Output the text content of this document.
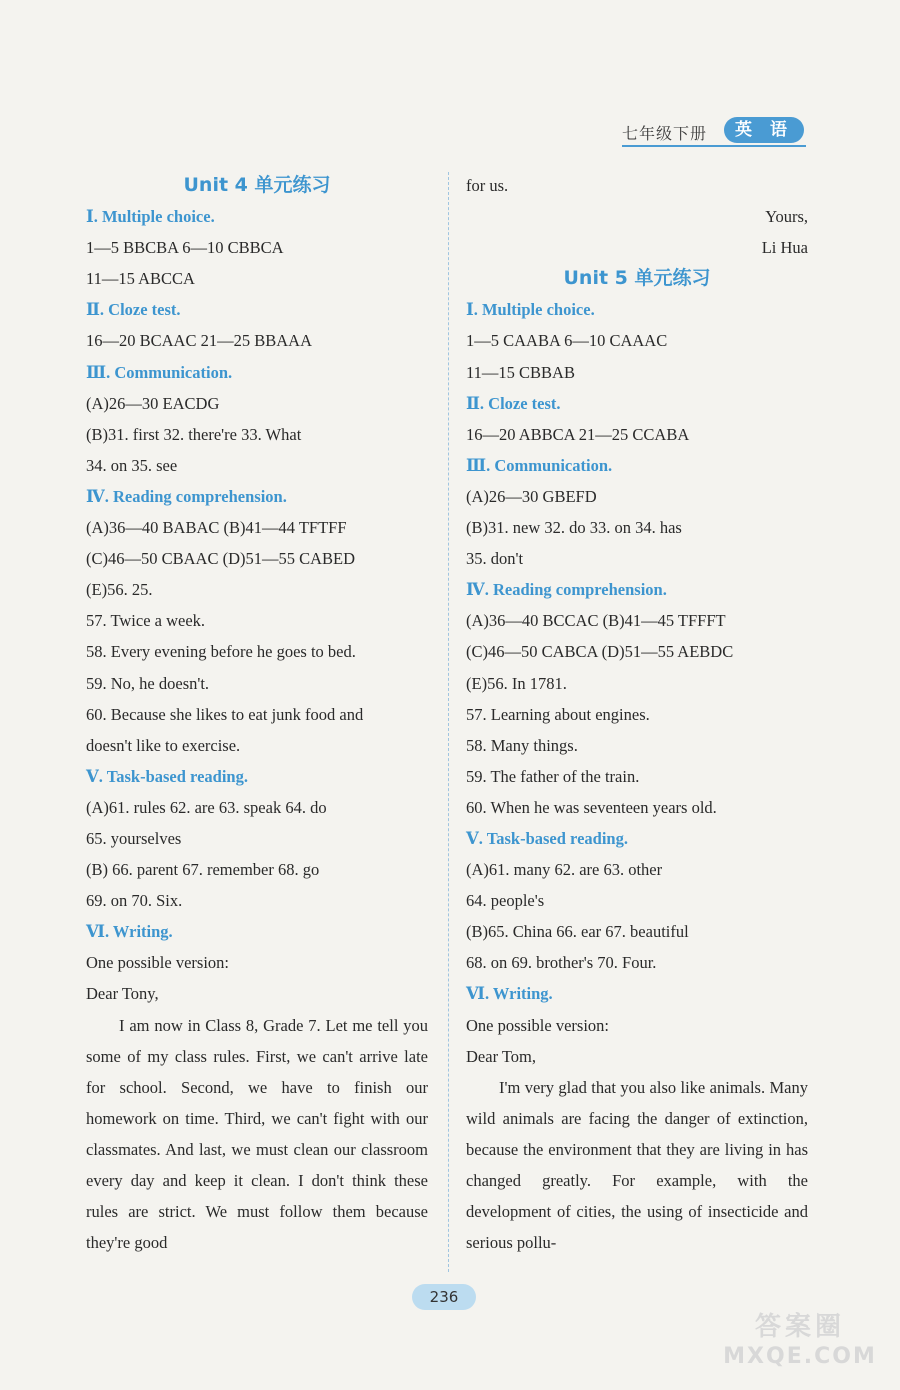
七年级下册	英 语
Unit 4 单元练习
Ⅰ. Multiple choice.
1—5 BBCBA 6—10 CBBCA
11—15 ABCCA
Ⅱ. Cloze test.
16—20 BCAAC 21—25 BBAAA
Ⅲ. Communication.
(A)26—30 EACDG
(B)31. first 32. there're 33. What
34. on 35. see
Ⅳ. Reading comprehension.
(A)36—40 BABAC (B)41—44 TFTFF
(C)46—50 CBAAC (D)51—55 CABED
(E)56. 25.
57. Twice a week.
58. Every evening before he goes to bed.
59. No, he doesn't.
60. Because she likes to eat junk food and
doesn't like to exercise.
Ⅴ. Task-based reading.
(A)61. rules 62. are 63. speak 64. do
65. yourselves
(B) 66. parent 67. remember 68. go
69. on 70. Six.
Ⅵ. Writing.
One possible version:
Dear Tony,
I am now in Class 8, Grade 7. Let me tell you some of my class rules. First, we can't arrive late for school. Second, we have to finish our homework on time. Third, we can't fight with our classmates. And last, we must clean our classroom every day and keep it clean. I don't think these rules are strict. We must follow them because they're good
for us.
Yours,
Li Hua
Unit 5 单元练习
Ⅰ. Multiple choice.
1—5 CAABA 6—10 CAAAC
11—15 CBBAB
Ⅱ. Cloze test.
16—20 ABBCA 21—25 CCABA
Ⅲ. Communication.
(A)26—30 GBEFD
(B)31. new 32. do 33. on 34. has
35. don't
Ⅳ. Reading comprehension.
(A)36—40 BCCAC (B)41—45 TFFFT
(C)46—50 CABCA (D)51—55 AEBDC
(E)56. In 1781.
57. Learning about engines.
58. Many things.
59. The father of the train.
60. When he was seventeen years old.
Ⅴ. Task-based reading.
(A)61. many 62. are 63. other
64. people's
(B)65. China 66. ear 67. beautiful
68. on 69. brother's 70. Four.
Ⅵ. Writing.
One possible version:
Dear Tom,
I'm very glad that you also like animals. Many wild animals are facing the danger of extinction, because the environment that they are living in has changed greatly. For example, with the development of cities, the using of insecticide and serious pollu-
236
答案圈
MXQE.COM
